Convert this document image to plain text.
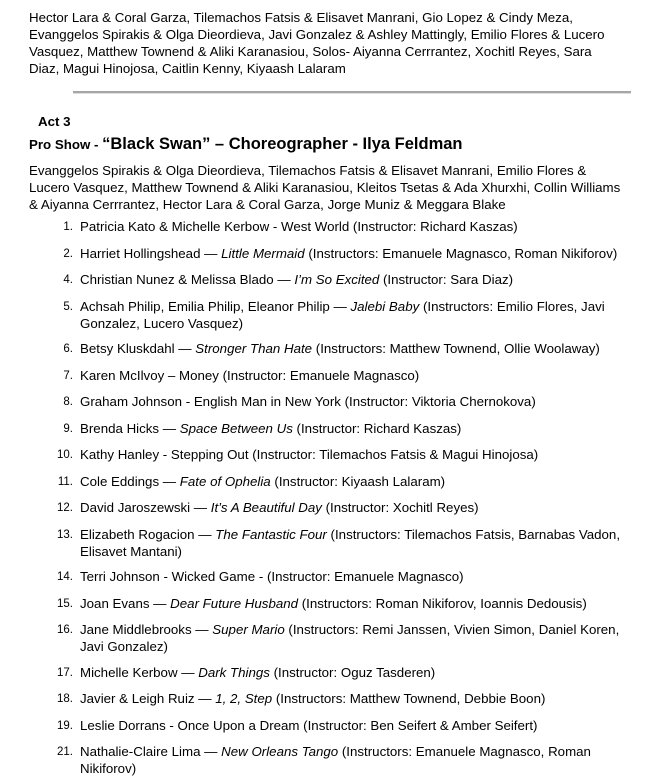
Hector Lara & Coral Garza, Tilemachos Fatsis & Elisavet Manrani, Gio Lopez & Cindy Meza, Evanggelos Spirakis & Olga Dieordieva, Javi Gonzalez & Ashley Mattingly, Emilio Flores & Lucero Vasquez, Matthew Townend & Aliki Karanasiou, Solos- Aiyanna Cerrrantez, Xochitl Reyes, Sara Diaz, Magui Hinojosa, Caitlin Kenny, Kiyaash Lalaram

Act 3

Pro Show - “Black Swan” – Choreographer - Ilya Feldman

Evanggelos Spirakis & Olga Dieordieva, Tilemachos Fatsis & Elisavet Manrani, Emilio Flores & Lucero Vasquez, Matthew Townend & Aliki Karanasiou, Kleitos Tsetas & Ada Xhurxhi, Collin Williams & Aiyanna Cerrrantez, Hector Lara & Coral Garza, Jorge Muniz & Meggara Blake

1. Patricia Kato & Michelle Kerbow - West World (Instructor: Richard Kaszas)
2. Harriet Hollingshead — Little Mermaid (Instructors: Emanuele Magnasco, Roman Nikiforov)
4. Christian Nunez & Melissa Blado — I’m So Excited (Instructor: Sara Diaz)
5. Achsah Philip, Emilia Philip, Eleanor Philip — Jalebi Baby (Instructors: Emilio Flores, Javi Gonzalez, Lucero Vasquez)
6. Betsy Kluskdahl — Stronger Than Hate (Instructors: Matthew Townend, Ollie Woolaway)
7. Karen McIlvoy – Money (Instructor: Emanuele Magnasco)
8. Graham Johnson - English Man in New York (Instructor: Viktoria Chernokova)
9. Brenda Hicks — Space Between Us (Instructor: Richard Kaszas)
10. Kathy Hanley - Stepping Out (Instructor: Tilemachos Fatsis & Magui Hinojosa)
11. Cole Eddings — Fate of Ophelia (Instructor: Kiyaash Lalaram)
12. David Jaroszewski — It’s A Beautiful Day (Instructor: Xochitl Reyes)
13. Elizabeth Rogacion — The Fantastic Four (Instructors: Tilemachos Fatsis, Barnabas Vadon, Elisavet Mantani)
14. Terri Johnson - Wicked Game - (Instructor: Emanuele Magnasco)
15. Joan Evans — Dear Future Husband (Instructors: Roman Nikiforov, Ioannis Dedousis)
16. Jane Middlebrooks — Super Mario (Instructors: Remi Janssen, Vivien Simon, Daniel Koren, Javi Gonzalez)
17. Michelle Kerbow — Dark Things (Instructor: Oguz Tasderen)
18. Javier & Leigh Ruiz — 1, 2, Step (Instructors: Matthew Townend, Debbie Boon)
19. Leslie Dorrans - Once Upon a Dream (Instructor: Ben Seifert & Amber Seifert)
21. Nathalie-Claire Lima — New Orleans Tango (Instructors: Emanuele Magnasco, Roman Nikiforov)
